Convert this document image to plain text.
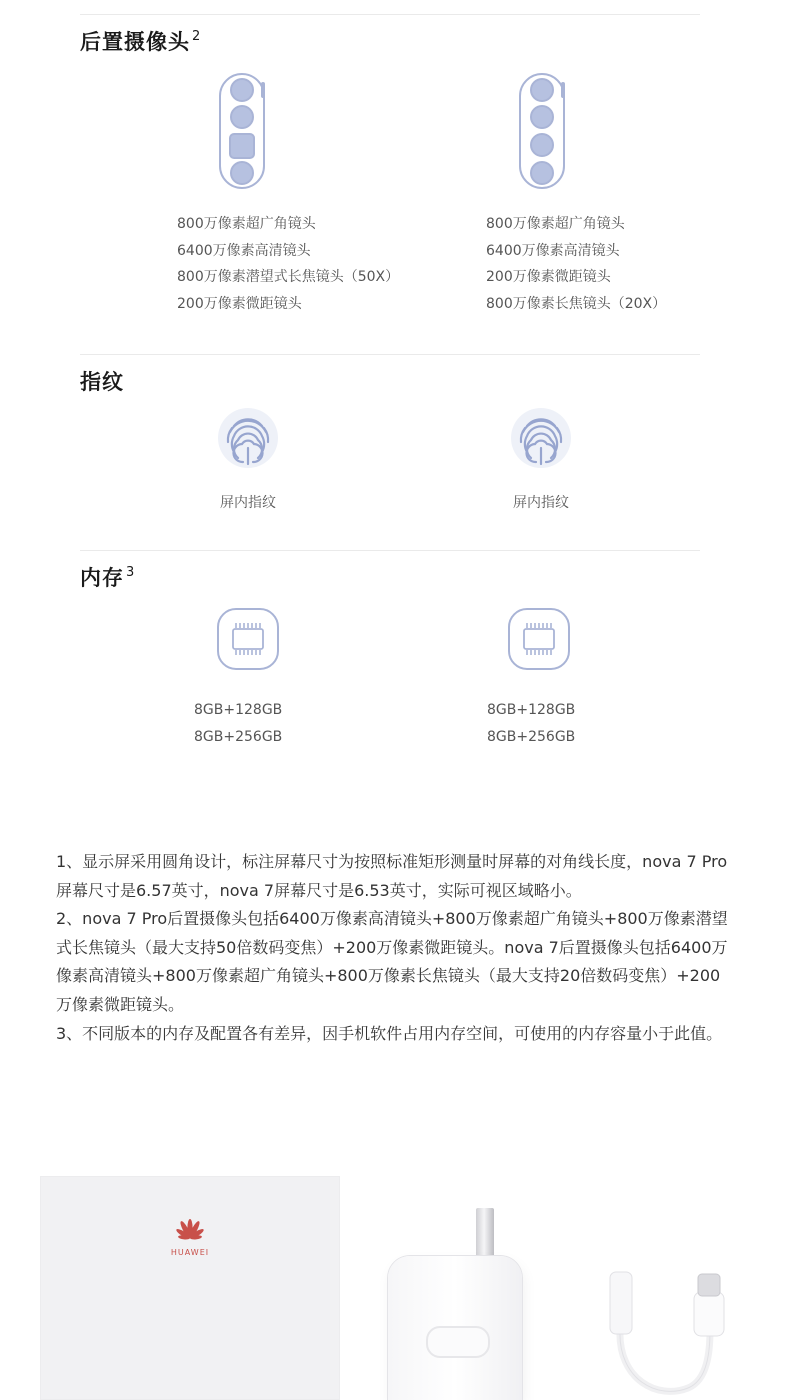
后置摄像头 $^2$
800万像素超广角镜头
6400万像素高清镜头
800万像素潜望式长焦镜头（50X）
200万像素微距镜头
800万像素超广角镜头
6400万像素高清镜头
200万像素微距镜头
800万像素长焦镜头（20X）
指纹
屏内指纹	屏内指纹
内存 $^3$
8GB+128GB
8GB+256GB
8GB+128GB
8GB+256GB

1、显示屏采用圆角设计，标注屏幕尺寸为按照标准矩形测量时屏幕的对角线长度，nova 7 Pro屏幕尺寸是6.57英寸，nova 7屏幕尺寸是6.53英寸，实际可视区域略小。

2、nova 7 Pro后置摄像头包括6400万像素高清镜头+800万像素超广角镜头+800万像素潜望式长焦镜头（最大支持50倍数码变焦）+200万像素微距镜头。nova 7后置摄像头包括6400万像素高清镜头+800万像素超广角镜头+800万像素长焦镜头（最大支持20倍数码变焦）+200万像素微距镜头。

3、不同版本的内存及配置各有差异，因手机软件占用内存空间，可使用的内存容量小于此值。

HUAWEI
